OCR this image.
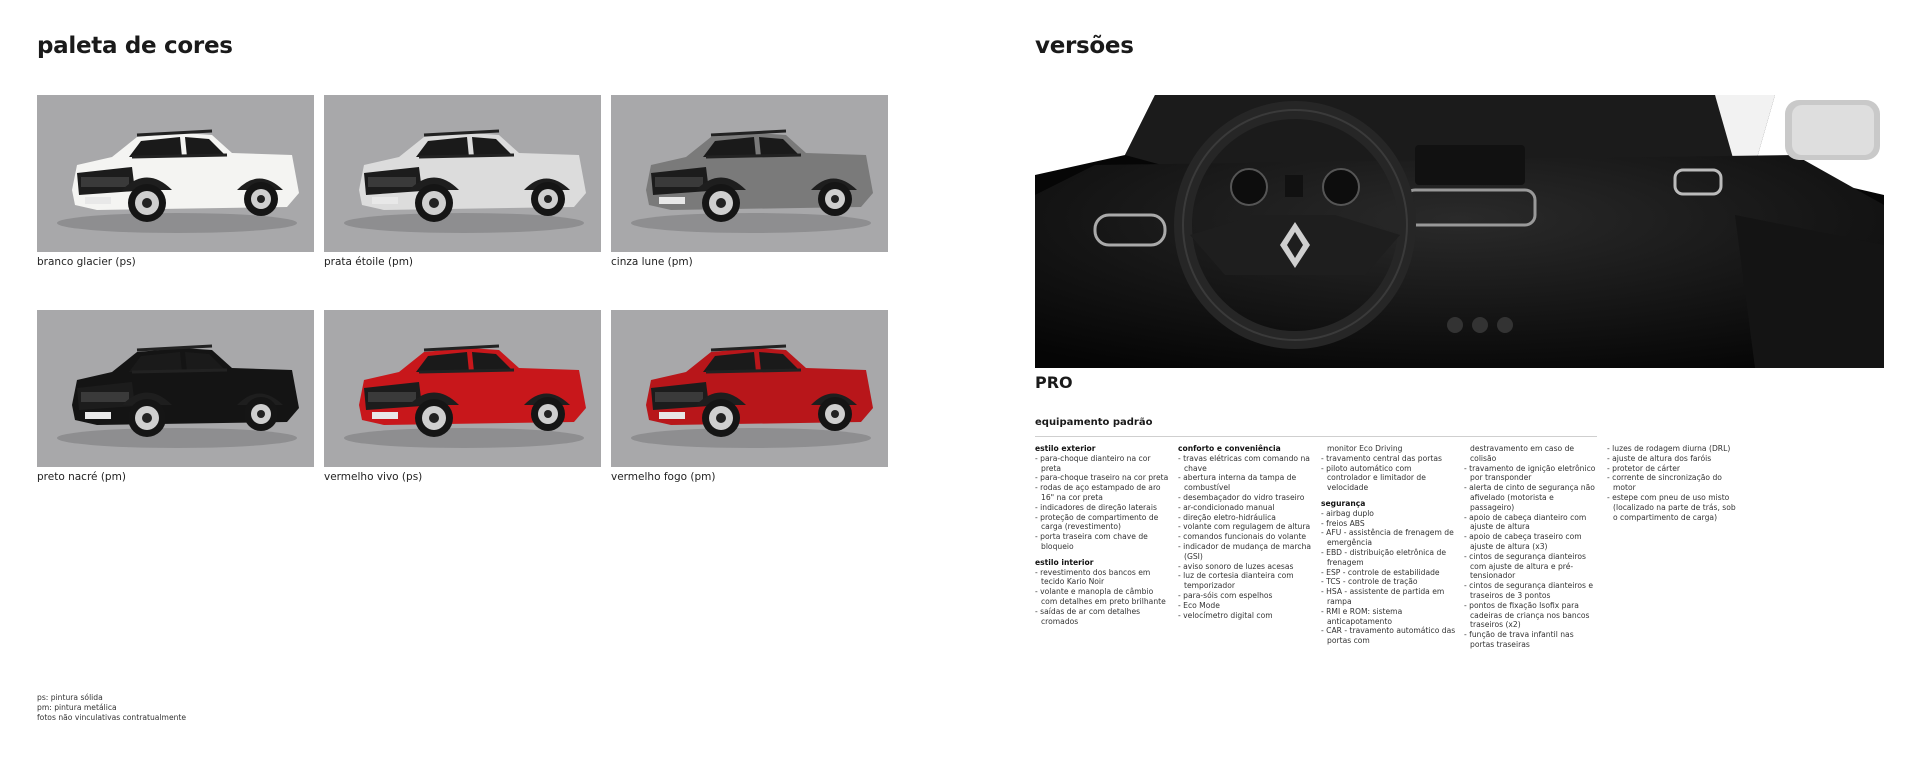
paleta de cores	versões
branco glacier (ps)	prata étoile (pm)	cinza lune (pm)
preto nacré (pm)	vermelho vivo (ps)	vermelho fogo (pm)
PRO
equipamento padrão
estilo exterior
- para-choque dianteiro na cor preta
- para-choque traseiro na cor preta
- rodas de aço estampado de aro 16" na cor preta
- indicadores de direção laterais
- proteção de compartimento de carga (revestimento)
- porta traseira com chave de bloqueio
estilo interior
- revestimento dos bancos em tecido Kario Noir
- volante e manopla de câmbio com detalhes em preto brilhante
- saídas de ar com detalhes cromados
conforto e conveniência
- travas elétricas com comando na chave
- abertura interna da tampa de combustível
- desembaçador do vidro traseiro
- ar-condicionado manual
- direção eletro-hidráulica
- volante com regulagem de altura
- comandos funcionais do volante
- indicador de mudança de marcha (GSI)
- aviso sonoro de luzes acesas
- luz de cortesia dianteira com temporizador
- para-sóis com espelhos
- Eco Mode
- velocímetro digital com
monitor Eco Driving
- travamento central das portas
- piloto automático com controlador e limitador de velocidade
segurança
- airbag duplo
- freios ABS
- AFU - assistência de frenagem de emergência
- EBD - distribuição eletrônica de frenagem
- ESP - controle de estabilidade
- TCS - controle de tração
- HSA - assistente de partida em rampa
- RMI e ROM: sistema anticapotamento
- CAR - travamento automático das portas com
destravamento em caso de colisão
- travamento de ignição eletrônico por transponder
- alerta de cinto de segurança não afivelado (motorista e passageiro)
- apoio de cabeça dianteiro com ajuste de altura
- apoio de cabeça traseiro com ajuste de altura (x3)
- cintos de segurança dianteiros com ajuste de altura e pré-tensionador
- cintos de segurança dianteiros e traseiros de 3 pontos
- pontos de fixação Isofix para cadeiras de criança nos bancos traseiros (x2)
- função de trava infantil nas portas traseiras
- luzes de rodagem diurna (DRL)
- ajuste de altura dos faróis
- protetor de cárter
- corrente de sincronização do motor
- estepe com pneu de uso misto (localizado na parte de trás, sob o compartimento de carga)
ps: pintura sólida
pm: pintura metálica
fotos não vinculativas contratualmente
